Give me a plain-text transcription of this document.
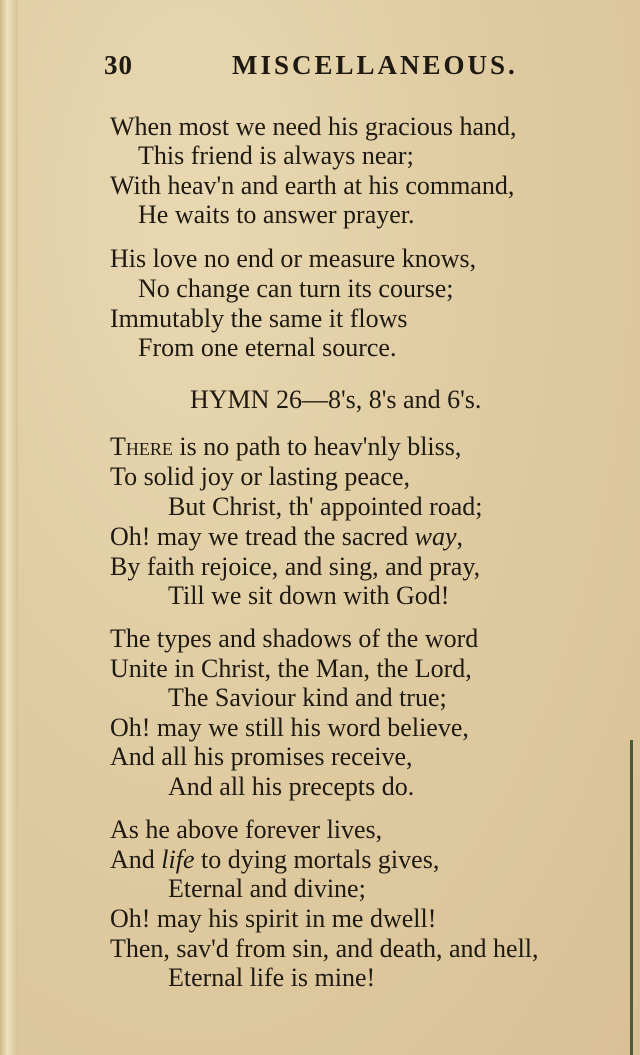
30	MISCELLANEOUS.
When most we need his gracious hand,
This friend is always near;
With heav'n and earth at his command,
He waits to answer prayer.
His love no end or measure knows,
No change can turn its course;
Immutably the same it flows
From one eternal source.
HYMN 26—8's, 8's and 6's.
There is no path to heav'nly bliss,
To solid joy or lasting peace,
But Christ, th' appointed road;
Oh! may we tread the sacred way,
By faith rejoice, and sing, and pray,
Till we sit down with God!
The types and shadows of the word
Unite in Christ, the Man, the Lord,
The Saviour kind and true;
Oh! may we still his word believe,
And all his promises receive,
And all his precepts do.
As he above forever lives,
And life to dying mortals gives,
Eternal and divine;
Oh! may his spirit in me dwell!
Then, sav'd from sin, and death, and hell,
Eternal life is mine!
